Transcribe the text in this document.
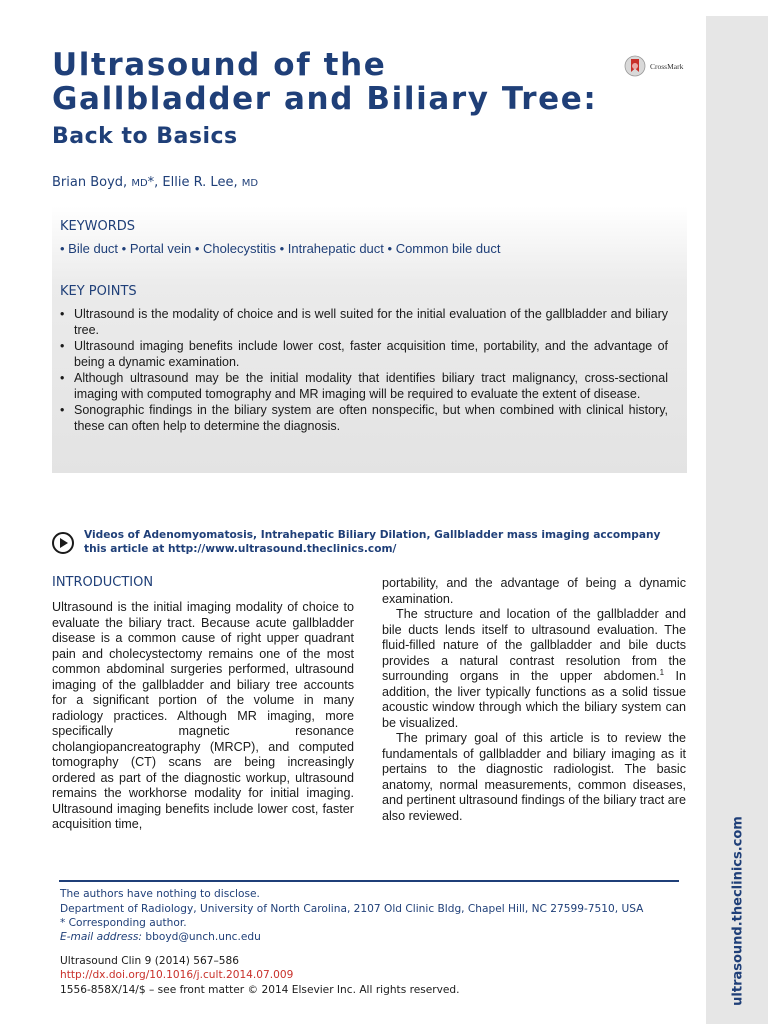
ultrasound.theclinics.com
Ultrasound of the Gallbladder and Biliary Tree: Back to Basics
CrossMark
Brian Boyd, MD*, Ellie R. Lee, MD
KEYWORDS
• Bile duct • Portal vein • Cholecystitis • Intrahepatic duct • Common bile duct
KEY POINTS
• Ultrasound is the modality of choice and is well suited for the initial evaluation of the gallbladder and biliary tree.
• Ultrasound imaging benefits include lower cost, faster acquisition time, portability, and the advantage of being a dynamic examination.
• Although ultrasound may be the initial modality that identifies biliary tract malignancy, cross-sectional imaging with computed tomography and MR imaging will be required to evaluate the extent of disease.
• Sonographic findings in the biliary system are often nonspecific, but when combined with clinical history, these can often help to determine the diagnosis.
Videos of Adenomyomatosis, Intrahepatic Biliary Dilation, Gallbladder mass imaging accompany this article at http://www.ultrasound.theclinics.com/
INTRODUCTION

Ultrasound is the initial imaging modality of choice to evaluate the biliary tract. Because acute gallbladder disease is a common cause of right upper quadrant pain and cholecystectomy remains one of the most common abdominal surgeries performed, ultrasound imaging of the gallbladder and biliary tree accounts for a significant portion of the volume in many radiology practices. Although MR imaging, more specifically magnetic resonance cholangiopancreatography (MRCP), and computed tomography (CT) scans are being increasingly ordered as part of the diagnostic workup, ultrasound remains the workhorse modality for initial imaging. Ultrasound imaging benefits include lower cost, faster acquisition time,

portability, and the advantage of being a dynamic examination.

The structure and location of the gallbladder and bile ducts lends itself to ultrasound evaluation. The fluid-filled nature of the gallbladder and bile ducts provides a natural contrast resolution from the surrounding organs in the upper abdomen.$^1$ In addition, the liver typically functions as a solid tissue acoustic window through which the biliary system can be visualized.

The primary goal of this article is to review the fundamentals of gallbladder and biliary imaging as it pertains to the diagnostic radiologist. The basic anatomy, normal measurements, common diseases, and pertinent ultrasound findings of the biliary tract are also reviewed.

The authors have nothing to disclose.
Department of Radiology, University of North Carolina, 2107 Old Clinic Bldg, Chapel Hill, NC 27599-7510, USA
* Corresponding author.
E-mail address: bboyd@unch.unc.edu
Ultrasound Clin 9 (2014) 567–586
http://dx.doi.org/10.1016/j.cult.2014.07.009
1556-858X/14/$ – see front matter © 2014 Elsevier Inc. All rights reserved.
